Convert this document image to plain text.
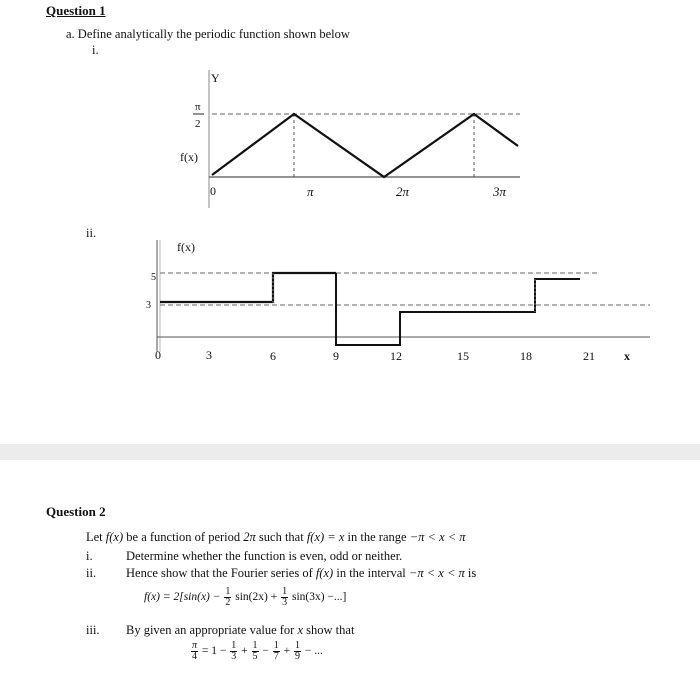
Question 1
a. Define analytically the periodic function shown below
i.
Y
f(x)
π
2
0	π	2π	3π
ii.
f(x)
5
3
0	3	6	9	12	15	18	21 x
Question 2
Let f(x) be a function of period 2π such that f(x) = x in the range −π < x < π
i.	Determine whether the function is even, odd or neither.
ii. Hence show that the Fourier series of f(x) in the interval −π < x < π is
$f(x) = 2[\sin(x) - \frac{1}{2} \sin(2x) + \frac{1}{3} \sin(3x)$ −...]
iii. By given an appropriate value for x show that
$\frac{\pi}{4} = 1 - \frac{1}{3} + \frac{1}{5} - \frac{1}{7} + \frac{1}{9}$ − ...
